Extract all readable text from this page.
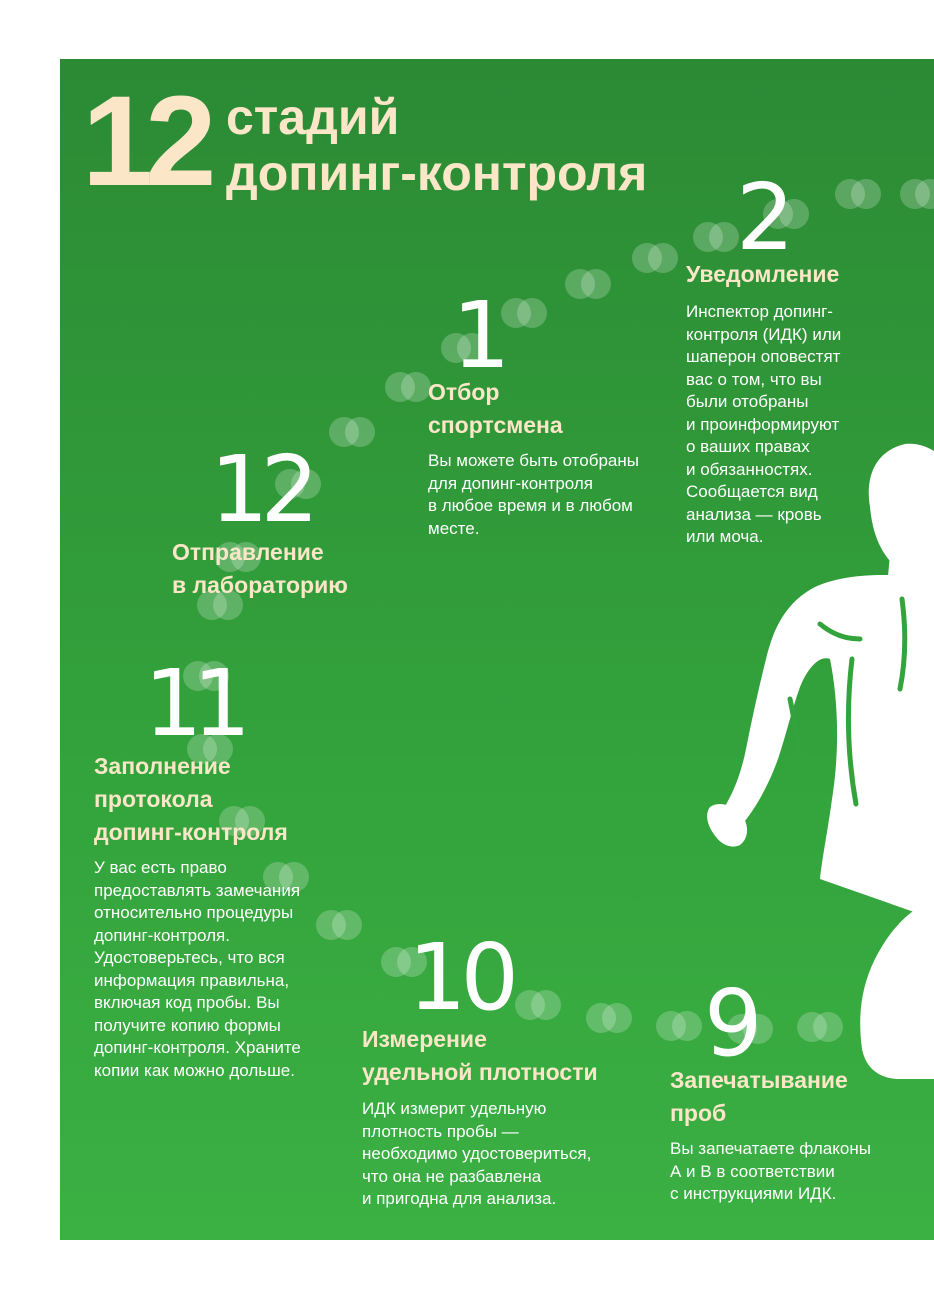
12 стадий
допинг-контроля
1
Отбор
спортсмена
Вы можете быть отобраны
для допинг-контроля
в любое время и в любом
месте.
2
Уведомление
Инспектор допинг-
контроля (ИДК) или
шаперон оповестят
вас о том, что вы
были отобраны
и проинформируют
о ваших правах
и обязанностях.
Сообщается вид
анализа — кровь
или моча.
12
Отправление
в лабораторию
11
Заполнение
протокола
допинг-контроля
У вас есть право
предоставлять замечания
относительно процедуры
допинг-контроля.
Удостоверьтесь, что вся
информация правильна,
включая код пробы. Вы
получите копию формы
допинг-контроля. Храните
копии как можно дольше.
10
Измерение
удельной плотности
ИДК измерит удельную
плотность пробы —
необходимо удостовериться,
что она не разбавлена
и пригодна для анализа.
9
Запечатывание
проб
Вы запечатаете флаконы
А и В в соответствии
с инструкциями ИДК.
